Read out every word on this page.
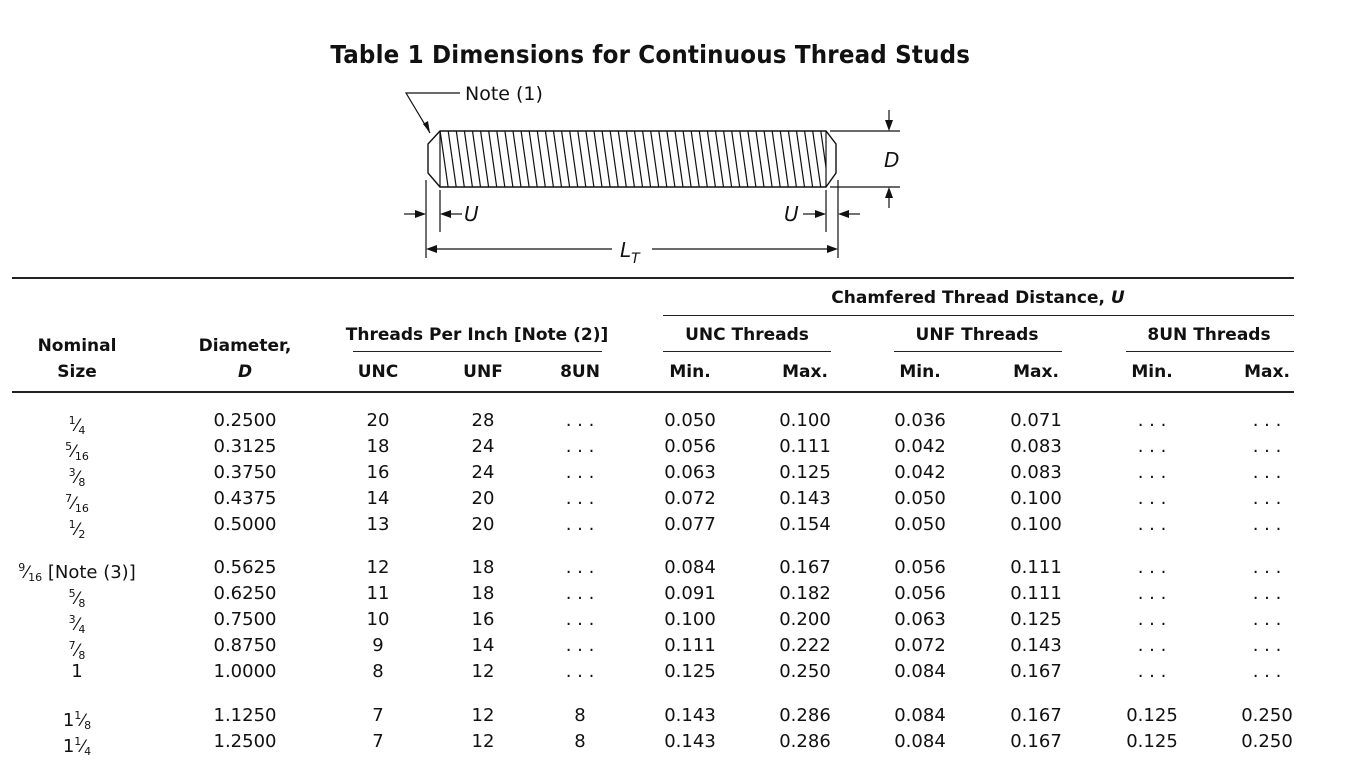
Table 1 Dimensions for Continuous Thread Studs
Note (1)
D
U	U
$L_T$
Chamfered Thread Distance, U
Nominal	Diameter,
Threads Per Inch [Note (2)]	UNC Threads	UNF Threads	8UN Threads
Size	D	UNC	UNF	8UN	Min.	Max.	Min.	Max.	Min.	Max.
$^1⁄_4$	0.2500	20	28	. . .	0.050	0.100	0.036	0.071	. . .	. . .
$^5⁄_{16}$	0.3125	18	24	. . .	0.056	0.111	0.042	0.083	. . .	. . .
$^3⁄_8$	0.3750	16	24	. . .	0.063	0.125	0.042	0.083	. . .	. . .
$^7⁄_{16}$	0.4375	14	20	. . .	0.072	0.143	0.050	0.100	. . .	. . .
$^1⁄_2$	0.5000	13	20	. . .	0.077	0.154	0.050	0.100	. . .	. . .
$^9⁄_{16}$ [Note (3)]	0.5625	12	18	. . .	0.084	0.167	0.056	0.111	. . .	. . .
$^5⁄_8$	0.6250	11	18	. . .	0.091	0.182	0.056	0.111	. . .	. . .
$^3⁄_4$	0.7500	10	16	. . .	0.100	0.200	0.063	0.125	. . .	. . .
$^7⁄_8$	0.8750	9	14	. . .	0.111	0.222	0.072	0.143	. . .	. . .
1	1.0000	8	12	. . .	0.125	0.250	0.084	0.167	. . .	. . .
$1^1⁄_8$	1.1250	7	12	8	0.143	0.286	0.084	0.167	0.125	0.250
$1^1⁄_4$	1.2500	7	12	8	0.143	0.286	0.084	0.167	0.125	0.250
